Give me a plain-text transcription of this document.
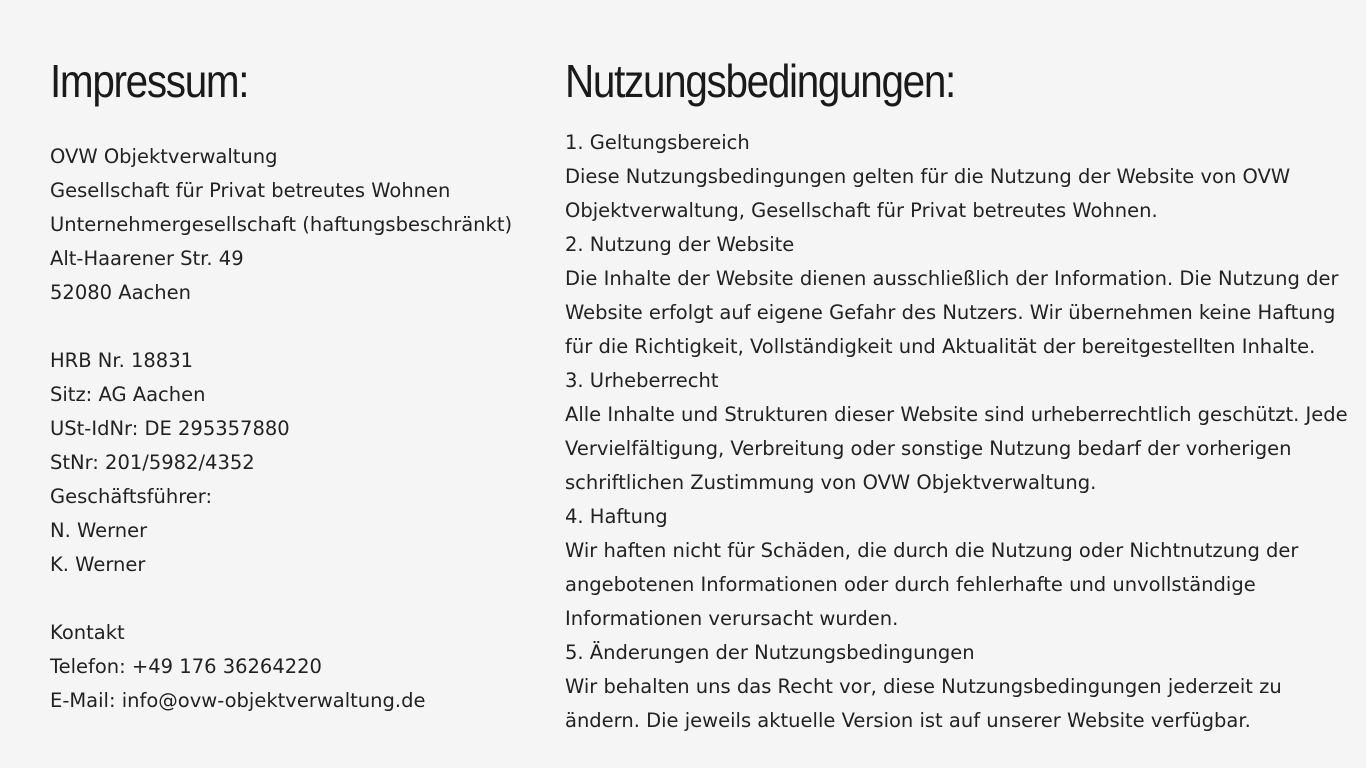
Impressum:
OVW Objektverwaltung
Gesellschaft für Privat betreutes Wohnen
Unternehmergesellschaft (haftungsbeschränkt)
Alt-Haarener Str. 49
52080 Aachen
HRB Nr. 18831
Sitz: AG Aachen
USt-IdNr: DE 295357880
StNr: 201/5982/4352
Geschäftsführer:
N. Werner
K. Werner
Kontakt
Telefon: +49 176 36264220
E-Mail: info@ovw-objektverwaltung.de
Nutzungsbedingungen:
1. Geltungsbereich
Diese Nutzungsbedingungen gelten für die Nutzung der Website von OVW
Objektverwaltung, Gesellschaft für Privat betreutes Wohnen.
2. Nutzung der Website
Die Inhalte der Website dienen ausschließlich der Information. Die Nutzung der
Website erfolgt auf eigene Gefahr des Nutzers. Wir übernehmen keine Haftung
für die Richtigkeit, Vollständigkeit und Aktualität der bereitgestellten Inhalte.
3. Urheberrecht
Alle Inhalte und Strukturen dieser Website sind urheberrechtlich geschützt. Jede
Vervielfältigung, Verbreitung oder sonstige Nutzung bedarf der vorherigen
schriftlichen Zustimmung von OVW Objektverwaltung.
4. Haftung
Wir haften nicht für Schäden, die durch die Nutzung oder Nichtnutzung der
angebotenen Informationen oder durch fehlerhafte und unvollständige
Informationen verursacht wurden.
5. Änderungen der Nutzungsbedingungen
Wir behalten uns das Recht vor, diese Nutzungsbedingungen jederzeit zu
ändern. Die jeweils aktuelle Version ist auf unserer Website verfügbar.
